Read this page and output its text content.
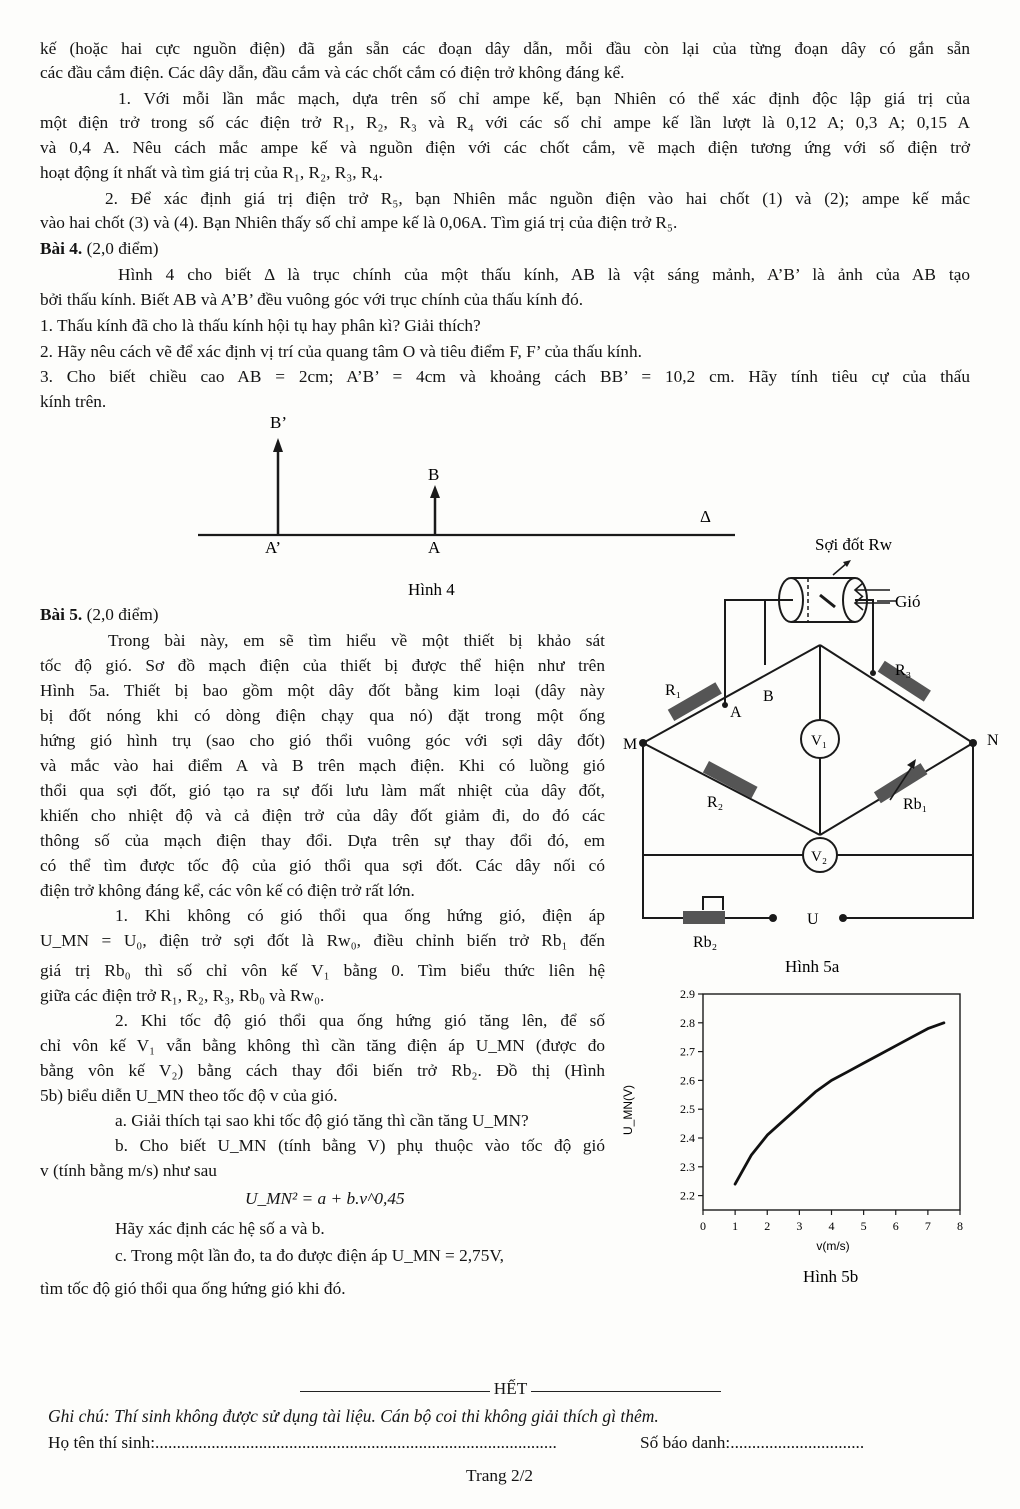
kế (hoặc hai cực nguồn điện) đã gắn sẵn các đoạn dây dẫn, mỗi đầu còn lại của từng đoạn dây có gắn sẵn
các đầu cắm điện. Các dây dẫn, đầu cắm và các chốt cắm có điện trở không đáng kể.
1. Với mỗi lần mắc mạch, dựa trên số chỉ ampe kế, bạn Nhiên có thể xác định độc lập giá trị của
một điện trở trong số các điện trở R₁, R₂, R₃ và R₄ với các số chỉ ampe kế lần lượt là 0,12 A; 0,3 A; 0,15 A
và 0,4 A. Nêu cách mắc ampe kế và nguồn điện với các chốt cắm, vẽ mạch điện tương ứng với số điện trở
hoạt động ít nhất và tìm giá trị của R₁, R₂, R₃, R₄.
2. Để xác định giá trị điện trở R₅, bạn Nhiên mắc nguồn điện vào hai chốt (1) và (2); ampe kế mắc
vào hai chốt (3) và (4). Bạn Nhiên thấy số chỉ ampe kế là 0,06A. Tìm giá trị của điện trở R₅.
Bài 4. (2,0 điểm)
Hình 4 cho biết Δ là trục chính của một thấu kính, AB là vật sáng mảnh, A’B’ là ảnh của AB tạo
bởi thấu kính. Biết AB và A’B’ đều vuông góc với trục chính của thấu kính đó.
1. Thấu kính đã cho là thấu kính hội tụ hay phân kì? Giải thích?
2. Hãy nêu cách vẽ để xác định vị trí của quang tâm O và tiêu điểm F, F’ của thấu kính.
3. Cho biết chiều cao AB = 2cm; A’B’ = 4cm và khoảng cách BB’ = 10,2 cm. Hãy tính tiêu cự của thấu
kính trên.
B’
B
A’	A
Δ
Hình 4
Bài 5. (2,0 điểm)
Trong bài này, em sẽ tìm hiểu về một thiết bị khảo sát
tốc độ gió. Sơ đồ mạch điện của thiết bị được thể hiện như trên
Hình 5a. Thiết bị bao gồm một dây đốt bằng kim loại (dây này
bị đốt nóng khi có dòng điện chạy qua nó) đặt trong một ống
hứng gió hình trụ (sao cho gió thổi vuông góc với sợi dây đốt)
và mắc vào hai điểm A và B trên mạch điện. Khi có luồng gió
thổi qua sợi đốt, gió tạo ra sự đối lưu làm mất nhiệt của dây đốt,
khiến cho nhiệt độ và cả điện trở của dây đốt giảm đi, do đó các
thông số của mạch điện thay đổi. Dựa trên sự thay đổi đó, em
có thể tìm được tốc độ của gió thổi qua sợi đốt. Các dây nối có
điện trở không đáng kể, các vôn kế có điện trở rất lớn.
1. Khi không có gió thổi qua ống hứng gió, điện áp
U_MN = U₀, điện trở sợi đốt là Rw₀, điều chỉnh biến trở Rb₁ đến
giá trị Rb₀ thì số chỉ vôn kế V₁ bằng 0. Tìm biểu thức liên hệ
giữa các điện trở R₁, R₂, R₃, Rb₀ và Rw₀.
2. Khi tốc độ gió thổi qua ống hứng gió tăng lên, để số
chỉ vôn kế V₁ vẫn bằng không thì cần tăng điện áp U_MN (được đo
bằng vôn kế V₂) bằng cách thay đổi biến trở Rb₂. Đồ thị (Hình
5b) biểu diễn U_MN theo tốc độ v của gió.
a. Giải thích tại sao khi tốc độ gió tăng thì cần tăng U_MN?
b. Cho biết U_MN (tính bằng V) phụ thuộc vào tốc độ gió
v (tính bằng m/s) như sau
U_MN² = a + b.v^0,45
Hãy xác định các hệ số a và b.
c. Trong một lần đo, ta đo được điện áp U_MN = 2,75V,
tìm tốc độ gió thổi qua ống hứng gió khi đó.
Sợi đốt Rw
Gió
R₁
A
B
R₃
M	N
V₁
V₂
R₂	Rb₁
U
Rb₂
Hình 5a
0 1 2 3 4 5 6 7 8
2.2
2.3
2.4
2.5
2.6
2.7
2.8
2.9
v(m/s)
U_MN(V)
Hình 5b
HẾT
Ghi chú: Thí sinh không được sử dụng tài liệu. Cán bộ coi thi không giải thích gì thêm.
Họ tên thí sinh:.............................................................................................	Số báo danh:...............................
Trang 2/2
